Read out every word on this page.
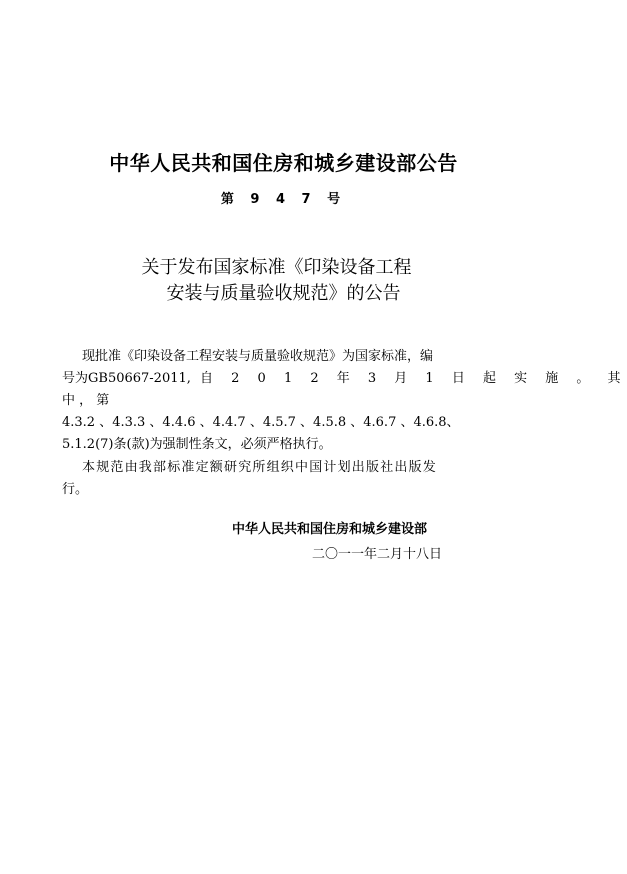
中华人民共和国住房和城乡建设部公告
第 9 4 7 号
关于发布国家标准《印染设备工程
安装与质量验收规范》的公告
现批准《印染设备工程安装与质量验收规范》为国家标准，编
号为GB50667-2011, 自 2 0 1 2 年 3 月 1 日 起 实 施 。 其
中 ， 第
4.3.2 、4.3.3 、4.4.6 、4.4.7 、4.5.7 、4.5.8 、4.6.7 、4.6.8、
5.1.2(7)条(款)为强制性条文，必须严格执行。
本规范由我部标准定额研究所组织中国计划出版社出版发
行。
中华人民共和国住房和城乡建设部
二〇一一年二月十八日
